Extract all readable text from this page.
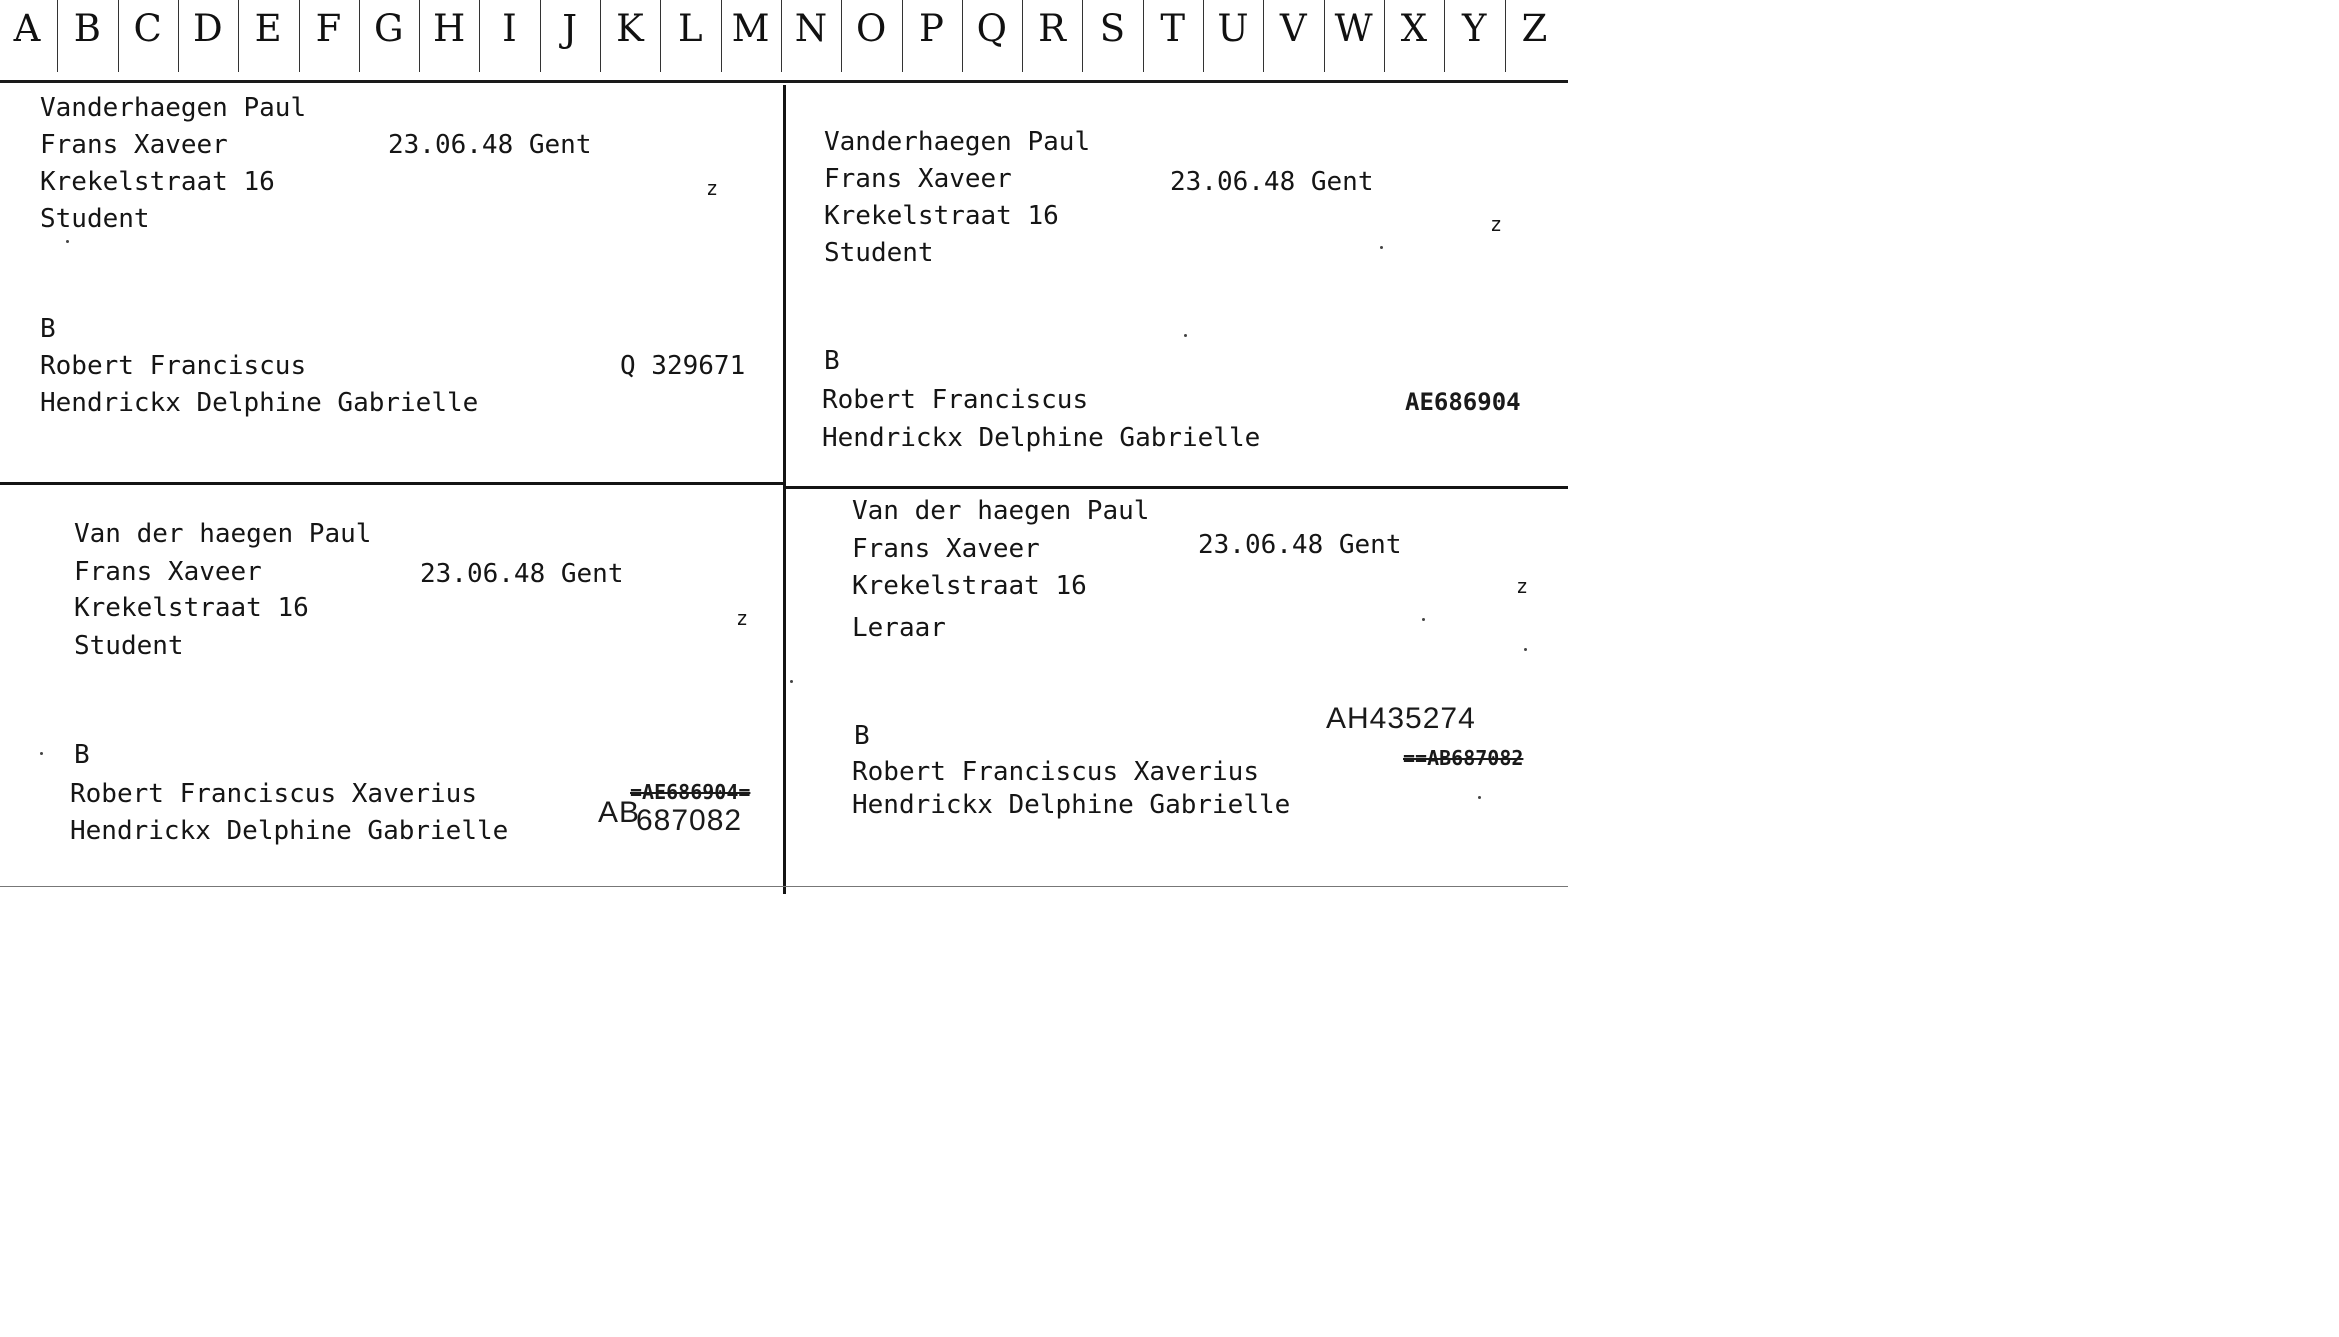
A B C D E F G H I	J	K L M N O P Q R S T U V W X Y Z
Vanderhaegen Paul
Frans Xaveer	23.06.48 Gent
Krekelstraat 16	z
Student
B
Robert Franciscus	Q 329671
Hendrickx Delphine Gabrielle
Vanderhaegen Paul
Frans Xaveer	23.06.48 Gent
Krekelstraat 16	z
Student
B
Robert Franciscus	AE686904
Hendrickx Delphine Gabrielle
Van der haegen Paul
Frans Xaveer	23.06.48 Gent
Krekelstraat 16	z
Student
B
Robert Franciscus Xaverius	=AE686904=
Hendrickx Delphine Gabrielle
AB
687082
Van der haegen Paul
Frans Xaveer	23.06.48 Gent
Krekelstraat 16	z
Leraar
AH435274
B
Robert Franciscus Xaverius	==AB687082
Hendrickx Delphine Gabrielle
